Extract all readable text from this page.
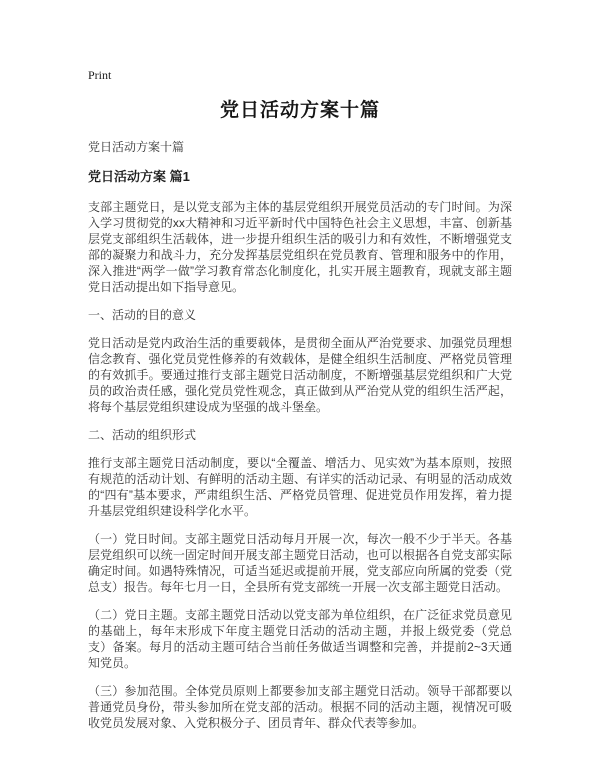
Print
党日活动方案十篇
党日活动方案十篇
党日活动方案 篇1

支部主题党日，是以党支部为主体的基层党组织开展党员活动的专门时间。为深入学习贯彻党的xx大精神和习近平新时代中国特色社会主义思想，丰富、创新基层党支部组织生活载体，进一步提升组织生活的吸引力和有效性，不断增强党支部的凝聚力和战斗力，充分发挥基层党组织在党员教育、管理和服务中的作用，深入推进“两学一做”学习教育常态化制度化，扎实开展主题教育，现就支部主题党日活动提出如下指导意见。

一、活动的目的意义

党日活动是党内政治生活的重要载体，是贯彻全面从严治党要求、加强党员理想信念教育、强化党员党性修养的有效载体，是健全组织生活制度、严格党员管理的有效抓手。要通过推行支部主题党日活动制度，不断增强基层党组织和广大党员的政治责任感，强化党员党性观念，真正做到从严治党从党的组织生活严起，将每个基层党组织建设成为坚强的战斗堡垒。

二、活动的组织形式

推行支部主题党日活动制度，要以“全覆盖、增活力、见实效”为基本原则，按照有规范的活动计划、有鲜明的活动主题、有详实的活动记录、有明显的活动成效的“四有”基本要求，严肃组织生活、严格党员管理、促进党员作用发挥，着力提升基层党组织建设科学化水平。

（一）党日时间。支部主题党日活动每月开展一次，每次一般不少于半天。各基层党组织可以统一固定时间开展支部主题党日活动，也可以根据各自党支部实际确定时间。如遇特殊情况，可适当延迟或提前开展，党支部应向所属的党委（党总支）报告。每年七月一日，全县所有党支部统一开展一次支部主题党日活动。

（二）党日主题。支部主题党日活动以党支部为单位组织，在广泛征求党员意见的基础上，每年末形成下年度主题党日活动的活动主题，并报上级党委（党总支）备案。每月的活动主题可结合当前任务做适当调整和完善，并提前2~3天通知党员。

（三）参加范围。全体党员原则上都要参加支部主题党日活动。领导干部都要以普通党员身份，带头参加所在党支部的活动。根据不同的活动主题，视情况可吸收党员发展对象、入党积极分子、团员青年、群众代表等参加。
